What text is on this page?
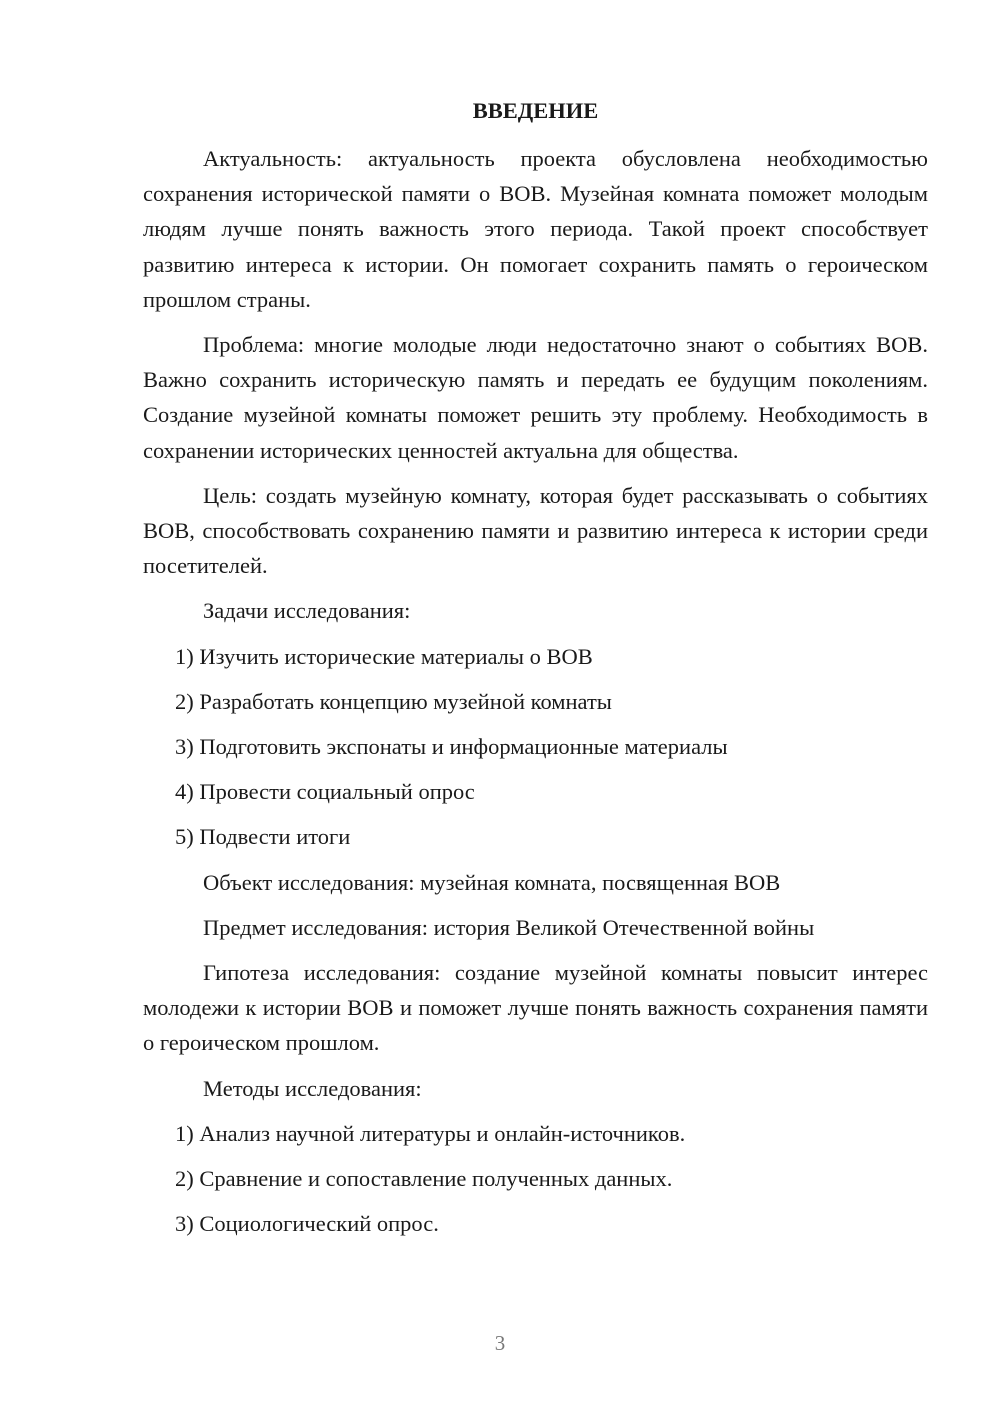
ВВЕДЕНИЕ

Актуальность: актуальность проекта обусловлена необходимостью сохранения исторической памяти о ВОВ. Музейная комната поможет молодым людям лучше понять важность этого периода. Такой проект способствует развитию интереса к истории. Он помогает сохранить память о героическом прошлом страны.

Проблема: многие молодые люди недостаточно знают о событиях ВОВ. Важно сохранить историческую память и передать ее будущим поколениям. Создание музейной комнаты поможет решить эту проблему. Необходимость в сохранении исторических ценностей актуальна для общества.

Цель: создать музейную комнату, которая будет рассказывать о событиях ВОВ, способствовать сохранению памяти и развитию интереса к истории среди посетителей.

Задачи исследования:

1) Изучить исторические материалы о ВОВ
2) Разработать концепцию музейной комнаты
3) Подготовить экспонаты и информационные материалы
4) Провести социальный опрос
5) Подвести итоги

Объект исследования: музейная комната, посвященная ВОВ

Предмет исследования: история Великой Отечественной войны

Гипотеза исследования: создание музейной комнаты повысит интерес молодежи к истории ВОВ и поможет лучше понять важность сохранения памяти о героическом прошлом.

Методы исследования:

1) Анализ научной литературы и онлайн-источников.
2) Сравнение и сопоставление полученных данных.
3) Социологический опрос.
3
